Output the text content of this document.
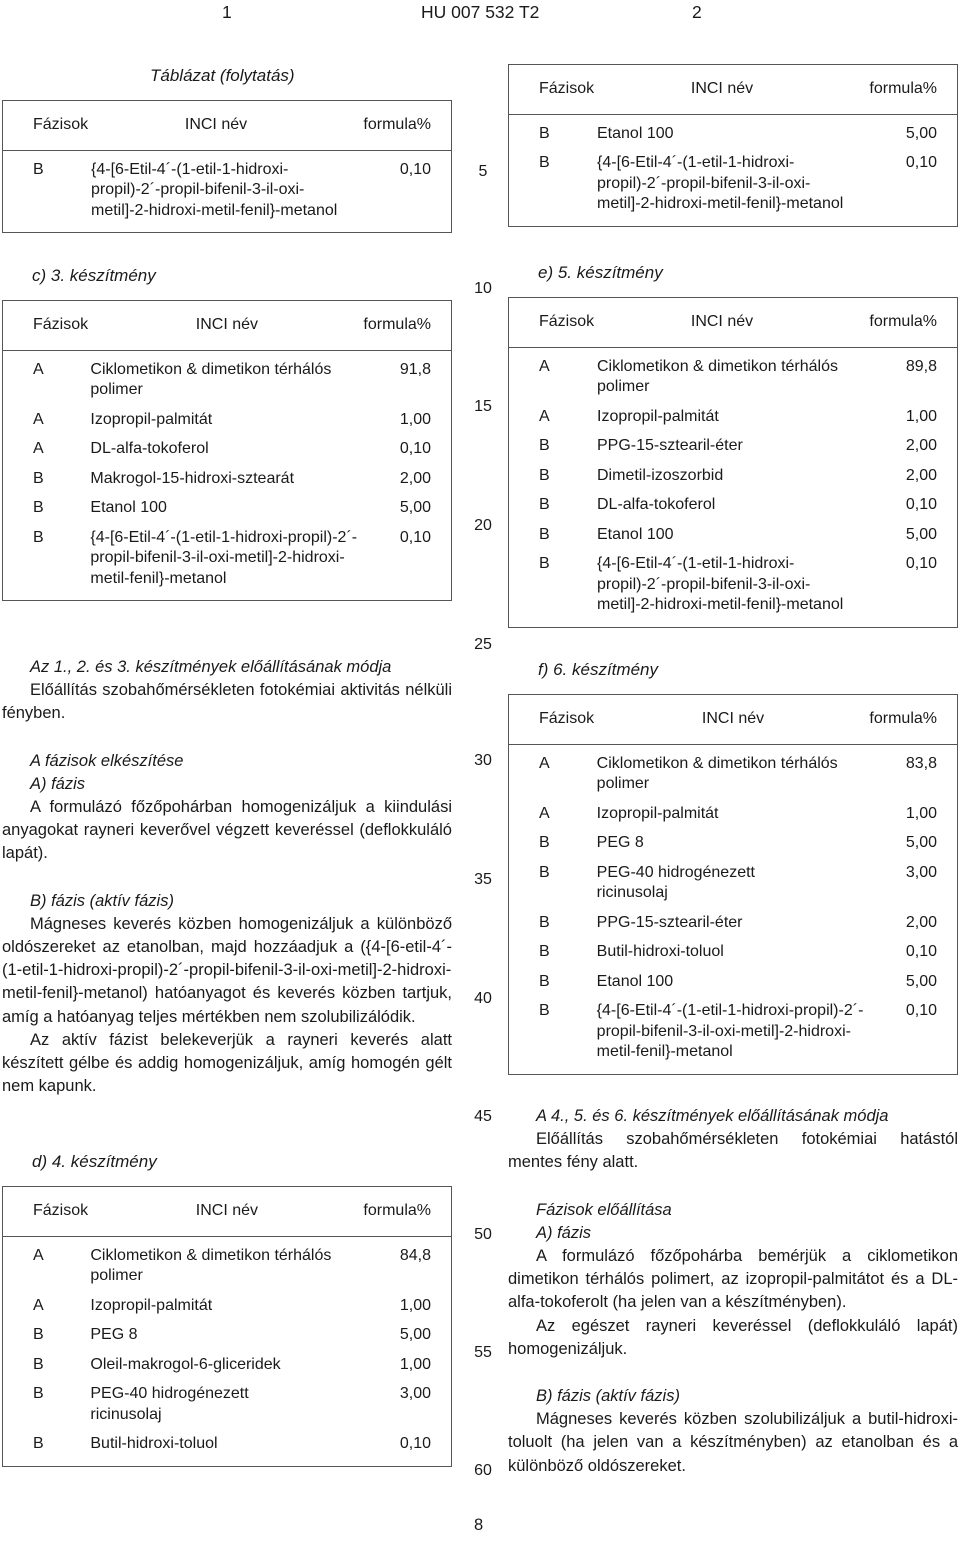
1	HU 007 532 T2	2
5
10
15
20
25
30
35
40
45
50
55
60
Táblázat (folytatás)
Fázisok	INCI név	formula%
B	{4-[6-Etil-4´-(1-etil-1-hidroxi-propil)-2´-propil-bifenil-3-il-oxi-metil]-2-hidroxi-metil-fenil}-metanol	0,10
c) 3. készítmény
Fázisok	INCI név	formula%
A	Ciklometikon & dimetikon térhálós polimer	91,8
A	Izopropil-palmitát	1,00
A	DL-alfa-tokoferol	0,10
B	Makrogol-15-hidroxi-sztearát	2,00
B	Etanol 100	5,00
B	{4-[6-Etil-4´-(1-etil-1-hidroxi-propil)-2´-propil-bifenil-3-il-oxi-metil]-2-hidroxi-metil-fenil}-metanol	0,10

Az 1., 2. és 3. készítmények előállításának módja

Előállítás szobahőmérsékleten fotokémiai aktivitás nélküli fényben.

A fázisok elkészítése

A) fázis

A formulázó főzőpohárban homogenizáljuk a kiindulási anyagokat rayneri keverővel végzett keveréssel (deflokkuláló lapát).

B) fázis (aktív fázis)

Mágneses keverés közben homogenizáljuk a különböző oldószereket az etanolban, majd hozzáadjuk a ({4-[6-etil-4´-(1-etil-1-hidroxi-propil)-2´-propil-bifenil-3-il-oxi-metil]-2-hidroxi-metil-fenil}-metanol) hatóanyagot és keverés közben tartjuk, amíg a hatóanyag teljes mértékben nem szolubilizálódik.

Az aktív fázist belekeverjük a rayneri keverés alatt készített gélbe és addig homogenizáljuk, amíg homogén gélt nem kapunk.

d) 4. készítmény
Fázisok	INCI név	formula%
A	Ciklometikon & dimetikon térhálós polimer	84,8
A	Izopropil-palmitát	1,00
B	PEG 8	5,00
B	Oleil-makrogol-6-gliceridek	1,00
B	PEG-40 hidrogénezett ricinusolaj	3,00
B	Butil-hidroxi-toluol	0,10
Fázisok	INCI név	formula%
B	Etanol 100	5,00
B	{4-[6-Etil-4´-(1-etil-1-hidroxi-propil)-2´-propil-bifenil-3-il-oxi-metil]-2-hidroxi-metil-fenil}-metanol	0,10
e) 5. készítmény
Fázisok	INCI név	formula%
A	Ciklometikon & dimetikon térhálós polimer	89,8
A	Izopropil-palmitát	1,00
B	PPG-15-sztearil-éter	2,00
B	Dimetil-izoszorbid	2,00
B	DL-alfa-tokoferol	0,10
B	Etanol 100	5,00
B	{4-[6-Etil-4´-(1-etil-1-hidroxi-propil)-2´-propil-bifenil-3-il-oxi-metil]-2-hidroxi-metil-fenil}-metanol	0,10
f) 6. készítmény
Fázisok	INCI név	formula%
A	Ciklometikon & dimetikon térhálós polimer	83,8
A	Izopropil-palmitát	1,00
B	PEG 8	5,00
B	PEG-40 hidrogénezett ricinusolaj	3,00
B	PPG-15-sztearil-éter	2,00
B	Butil-hidroxi-toluol	0,10
B	Etanol 100	5,00
B	{4-[6-Etil-4´-(1-etil-1-hidroxi-propil)-2´-propil-bifenil-3-il-oxi-metil]-2-hidroxi-metil-fenil}-metanol	0,10

A 4., 5. és 6. készítmények előállításának módja

Előállítás szobahőmérsékleten fotokémiai hatástól mentes fény alatt.

Fázisok előállítása

A) fázis

A formulázó főzőpohárba bemérjük a ciklometikon dimetikon térhálós polimert, az izopropil-palmitátot és a DL-alfa-tokoferolt (ha jelen van a készítményben).

Az egészet rayneri keveréssel (deflokkuláló lapát) homogenizáljuk.

B) fázis (aktív fázis)

Mágneses keverés közben szolubilizáljuk a butil-hidroxi-toluolt (ha jelen van a készítményben) az etanolban és a különböző oldószereket.

8
